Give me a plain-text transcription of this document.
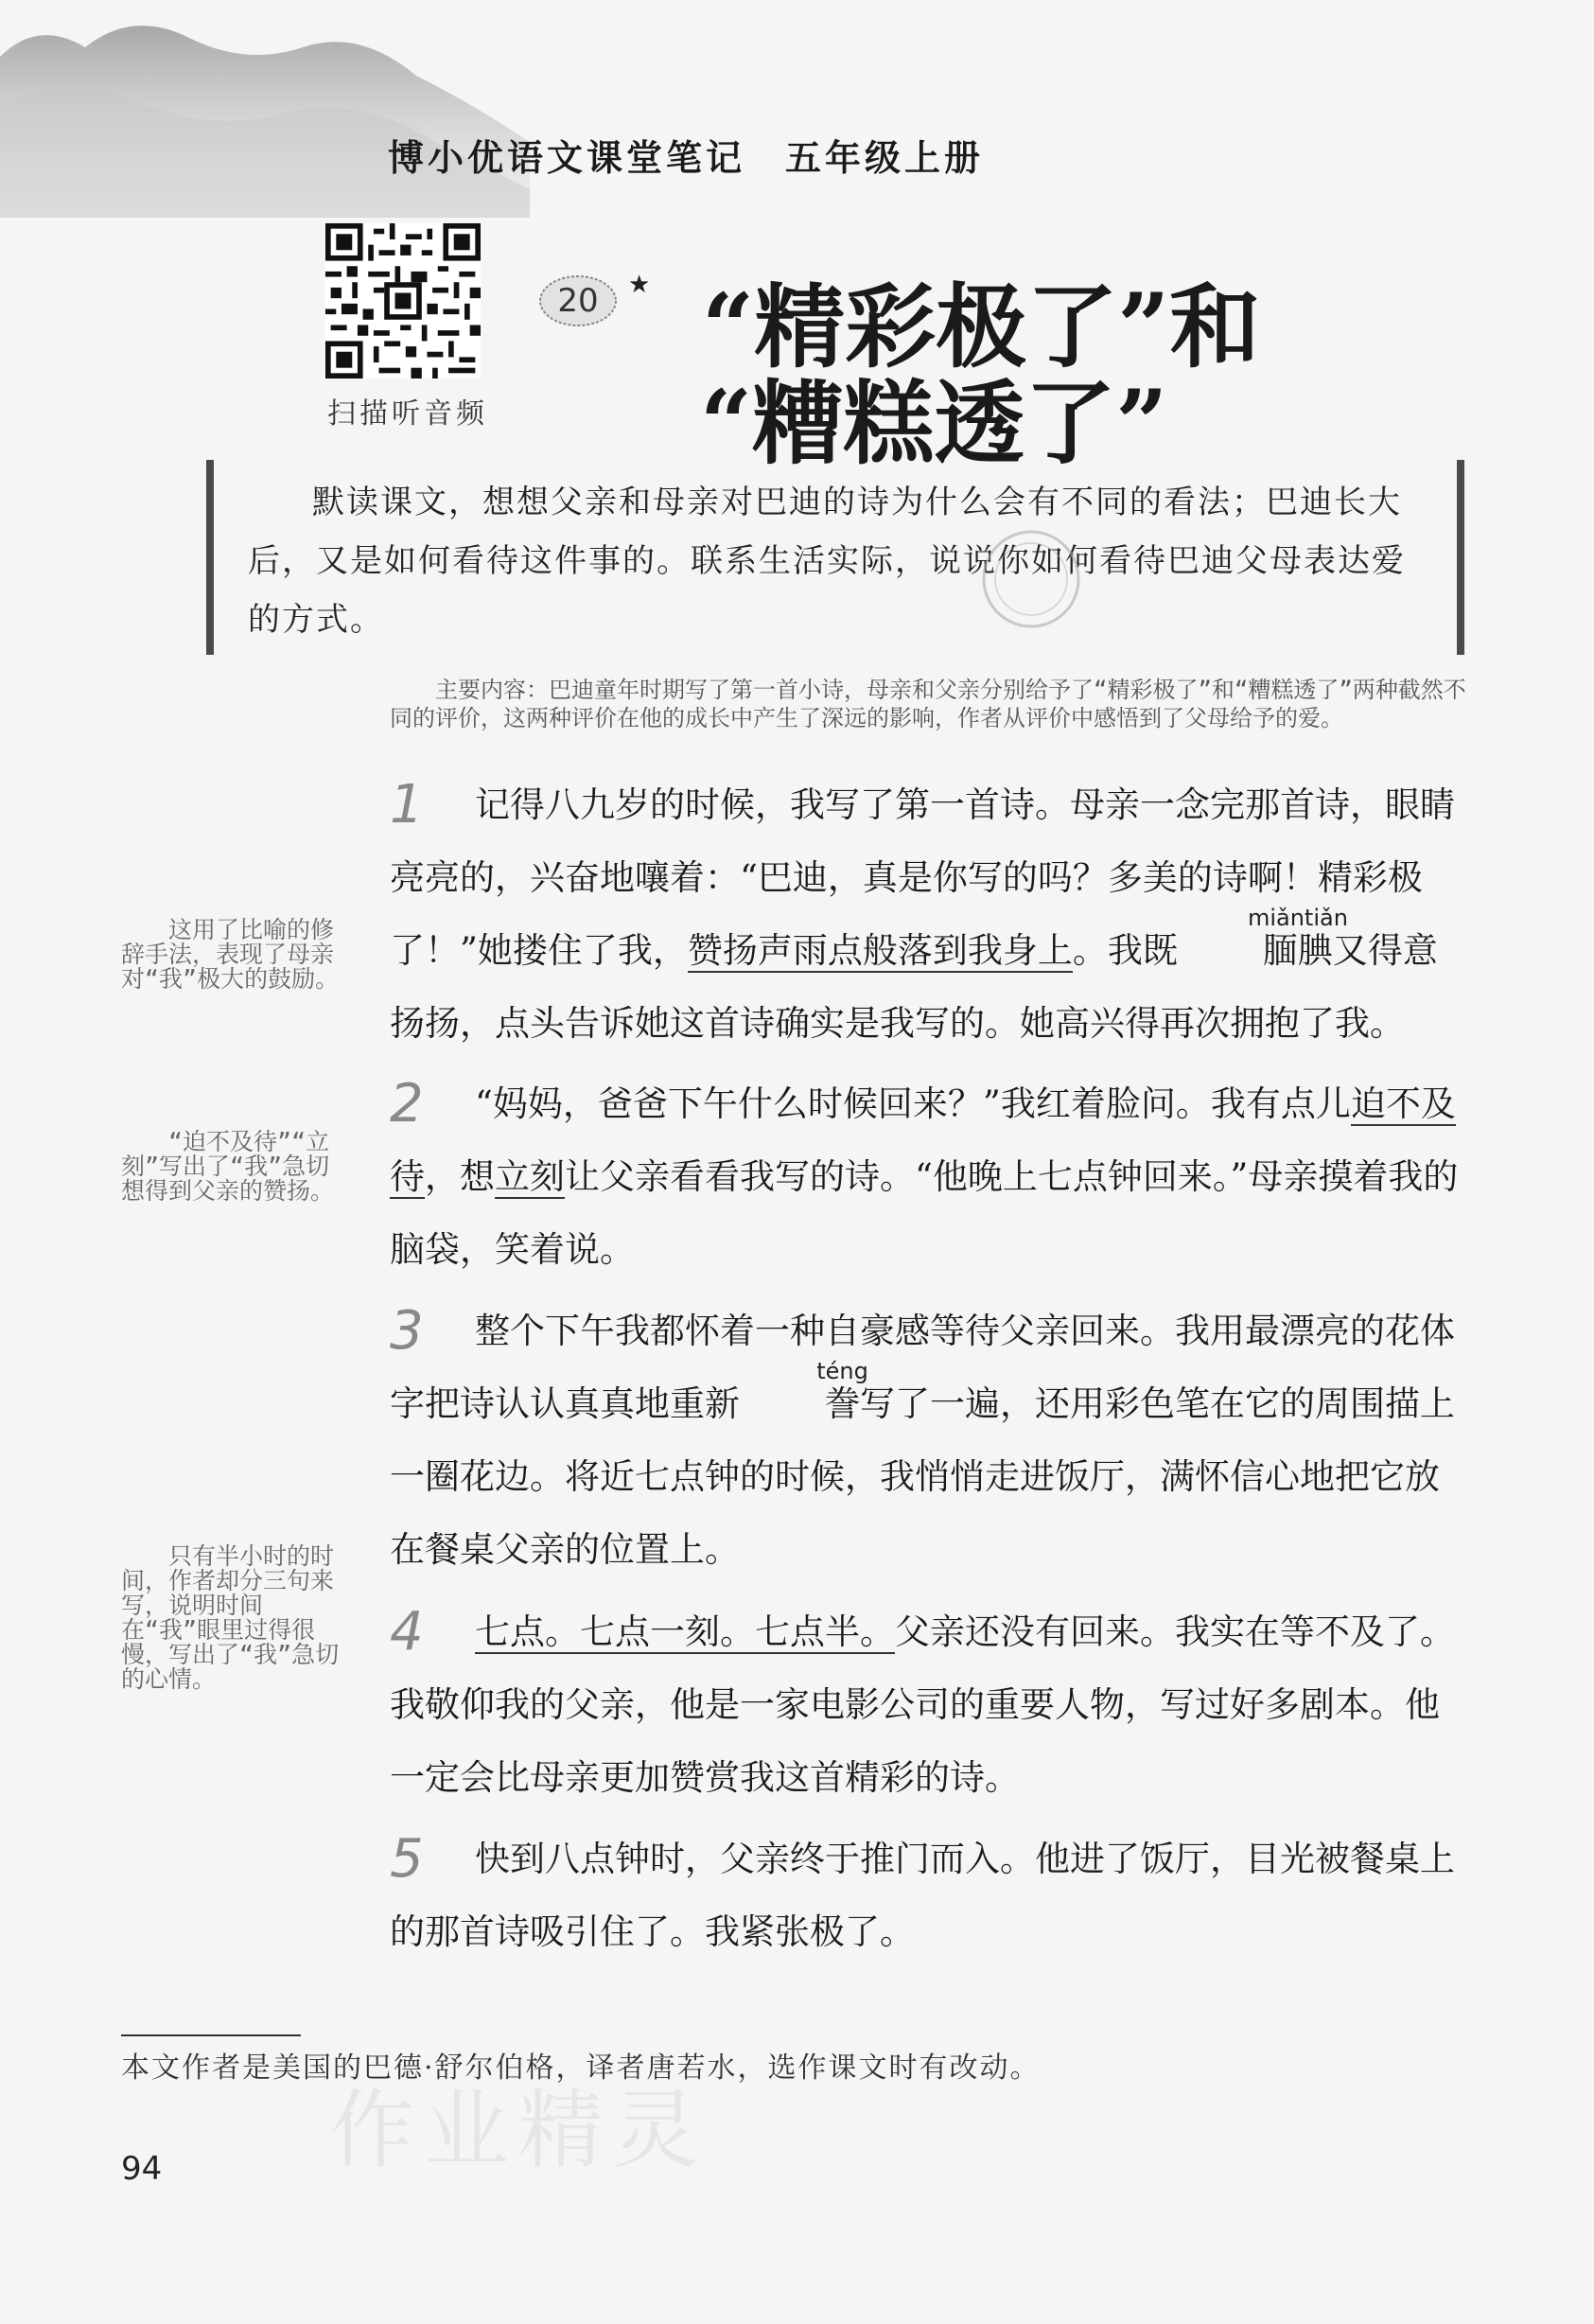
博小优语文课堂笔记 五年级上册
扫描听音频
20	★ “精彩极了”和
“糟糕透了”

默读课文，想想父亲和母亲对巴迪的诗为什么会有不同的看法；巴迪长大后，又是如何看待这件事的。联系生活实际，说说你如何看待巴迪父母表达爱的方式。

主要内容：巴迪童年时期写了第一首小诗，母亲和父亲分别给予了“精彩极了”和“糟糕透了”两种截然不同的评价，这两种评价在他的成长中产生了深远的影响，作者从评价中感悟到了父母给予的爱。
1	记得八九岁的时候，我写了第一首诗。母亲一念完那首诗，眼睛亮亮的，兴奋地嚷着：“巴迪，真是你写的吗？多美的诗啊！精彩极了！”她搂住了我，赞扬声雨点般落到我身上。我既
miǎntiǎn
腼腆又得意扬扬，点头告诉她这首诗确实是我写的。她高兴得再次拥抱了我。

2	“妈妈，爸爸下午什么时候回来？”我红着脸问。我有点儿迫不及待，想立刻让父亲看看我写的诗。“他晚上七点钟回来。”母亲摸着我的脑袋，笑着说。

3	整个下午我都怀着一种自豪感等待父亲回来。我用最漂亮的花体字把诗认认真真地重新
téng
誊写了一遍，还用彩色笔在它的周围描上一圈花边。将近七点钟的时候，我悄悄走进饭厅，满怀信心地把它放在餐桌父亲的位置上。

4	七点。七点一刻。七点半。父亲还没有回来。我实在等不及了。我敬仰我的父亲，他是一家电影公司的重要人物，写过好多剧本。他一定会比母亲更加赞赏我这首精彩的诗。

5	快到八点钟时，父亲终于推门而入。他进了饭厅，目光被餐桌上的那首诗吸引住了。我紧张极了。

这用了比喻的修辞手法，表现了母亲对“我”极大的鼓励。
“迫不及待”“立刻”写出了“我”急切想得到父亲的赞扬。
只有半小时的时间，作者却分三句来写，说明时间在“我”眼里过得很慢，写出了“我”急切的心情。
本文作者是美国的巴德·舒尔伯格，译者唐若水，选作课文时有改动。
作业精灵
94
